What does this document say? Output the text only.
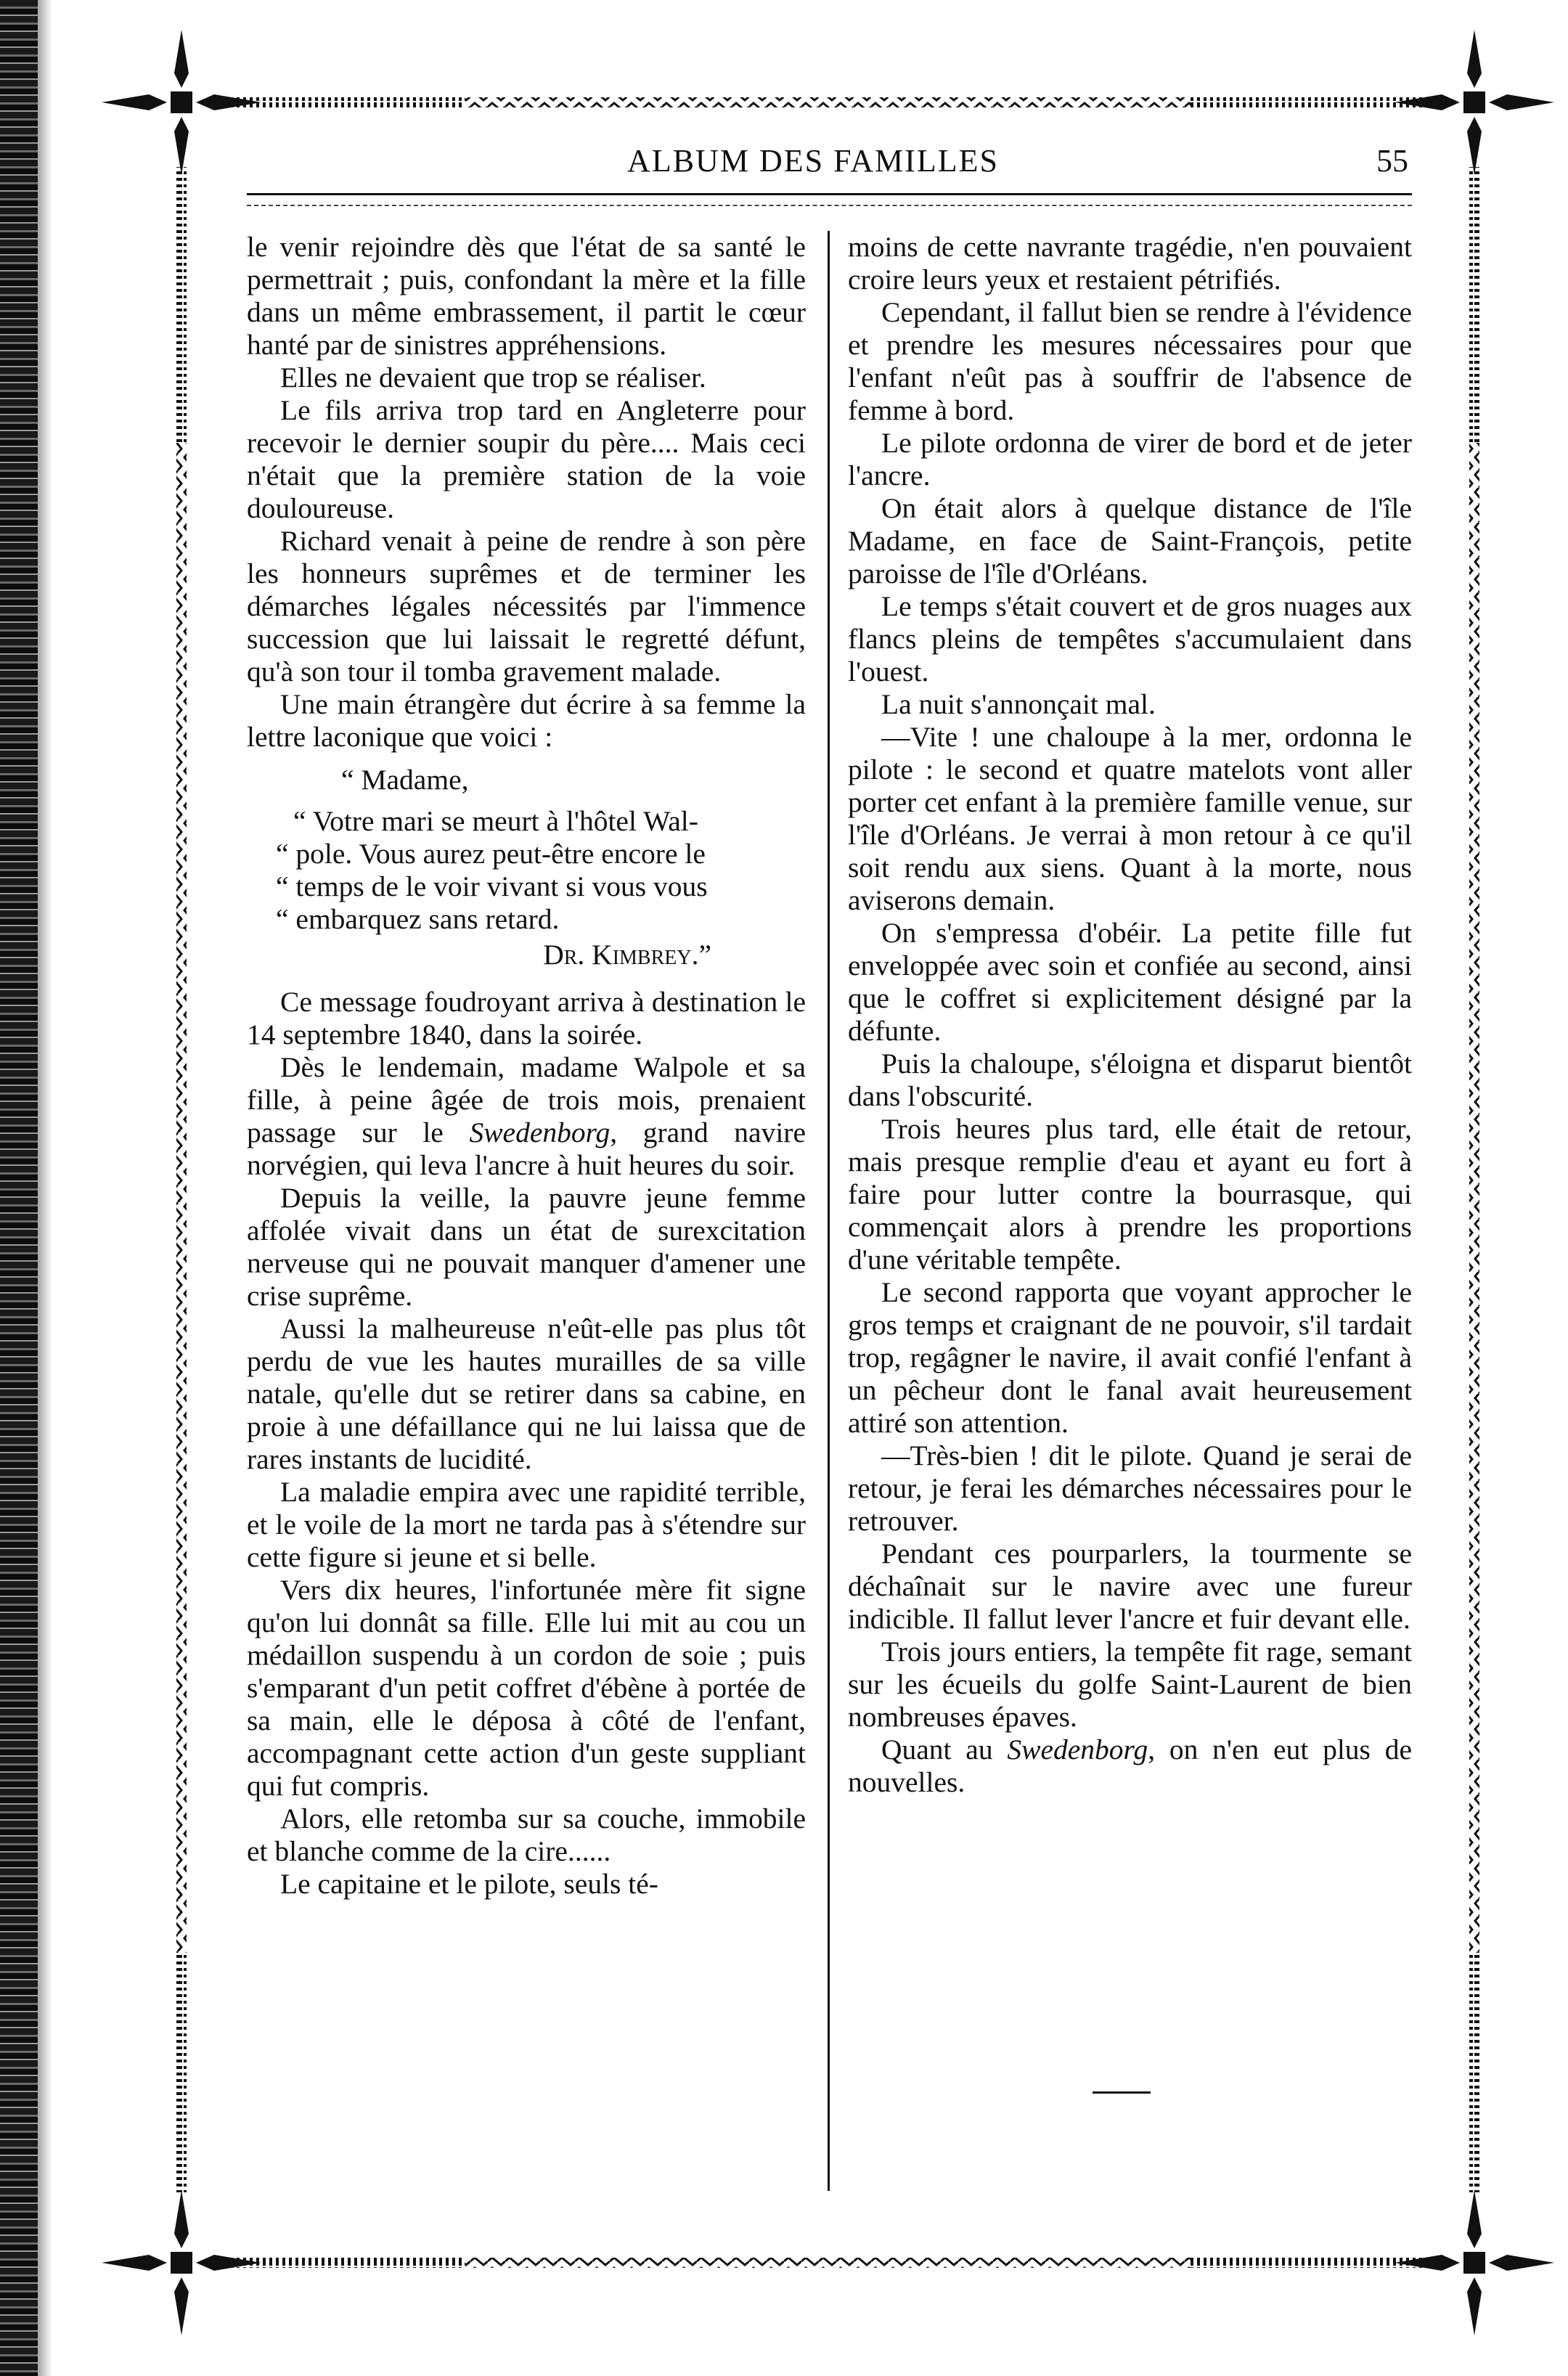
ALBUM DES FAMILLES	55

le venir rejoindre dès que l'état de sa santé le permettrait ; puis, confondant la mère et la fille dans un même embrassement, il partit le cœur hanté par de sinistres appréhensions.

Elles ne devaient que trop se réaliser.

Le fils arriva trop tard en Angleterre pour recevoir le dernier soupir du père.... Mais ceci n'était que la première station de la voie douloureuse.

Richard venait à peine de rendre à son père les honneurs suprêmes et de terminer les démarches légales nécessités par l'immence succession que lui laissait le regretté défunt, qu'à son tour il tomba gravement malade.

Une main étrangère dut écrire à sa femme la lettre laconique que voici :

“ Madame,

“ Votre mari se meurt à l'hôtel Wal-

“ pole. Vous aurez peut-être encore le

“ temps de le voir vivant si vous vous

“ embarquez sans retard.

Dr. Kimbrey.”

Ce message foudroyant arriva à destination le 14 septembre 1840, dans la soirée.

Dès le lendemain, madame Walpole et sa fille, à peine âgée de trois mois, prenaient passage sur le Swedenborg, grand navire norvégien, qui leva l'ancre à huit heures du soir.

Depuis la veille, la pauvre jeune femme affolée vivait dans un état de surexcitation nerveuse qui ne pouvait manquer d'amener une crise suprême.

Aussi la malheureuse n'eût-elle pas plus tôt perdu de vue les hautes murailles de sa ville natale, qu'elle dut se retirer dans sa cabine, en proie à une défaillance qui ne lui laissa que de rares instants de lucidité.

La maladie empira avec une rapidité terrible, et le voile de la mort ne tarda pas à s'étendre sur cette figure si jeune et si belle.

Vers dix heures, l'infortunée mère fit signe qu'on lui donnât sa fille. Elle lui mit au cou un médaillon suspendu à un cordon de soie ; puis s'emparant d'un petit coffret d'ébène à portée de sa main, elle le déposa à côté de l'enfant, accompagnant cette action d'un geste suppliant qui fut compris.

Alors, elle retomba sur sa couche, immobile et blanche comme de la cire......

Le capitaine et le pilote, seuls té-

moins de cette navrante tragédie, n'en pouvaient croire leurs yeux et restaient pétrifiés.

Cependant, il fallut bien se rendre à l'évidence et prendre les mesures nécessaires pour que l'enfant n'eût pas à souffrir de l'absence de femme à bord.

Le pilote ordonna de virer de bord et de jeter l'ancre.

On était alors à quelque distance de l'île Madame, en face de Saint-François, petite paroisse de l'île d'Orléans.

Le temps s'était couvert et de gros nuages aux flancs pleins de tempêtes s'accumulaient dans l'ouest.

La nuit s'annonçait mal.

—Vite ! une chaloupe à la mer, ordonna le pilote : le second et quatre matelots vont aller porter cet enfant à la première famille venue, sur l'île d'Orléans. Je verrai à mon retour à ce qu'il soit rendu aux siens. Quant à la morte, nous aviserons demain.

On s'empressa d'obéir. La petite fille fut enveloppée avec soin et confiée au second, ainsi que le coffret si explicitement désigné par la défunte.

Puis la chaloupe, s'éloigna et disparut bientôt dans l'obscurité.

Trois heures plus tard, elle était de retour, mais presque remplie d'eau et ayant eu fort à faire pour lutter contre la bourrasque, qui commençait alors à prendre les proportions d'une véritable tempête.

Le second rapporta que voyant approcher le gros temps et craignant de ne pouvoir, s'il tardait trop, regâgner le navire, il avait confié l'enfant à un pêcheur dont le fanal avait heureusement attiré son attention.

—Très-bien ! dit le pilote. Quand je serai de retour, je ferai les démarches nécessaires pour le retrouver.

Pendant ces pourparlers, la tourmente se déchaînait sur le navire avec une fureur indicible. Il fallut lever l'ancre et fuir devant elle.

Trois jours entiers, la tempête fit rage, semant sur les écueils du golfe Saint-Laurent de bien nombreuses épaves.

Quant au Swedenborg, on n'en eut plus de nouvelles.
